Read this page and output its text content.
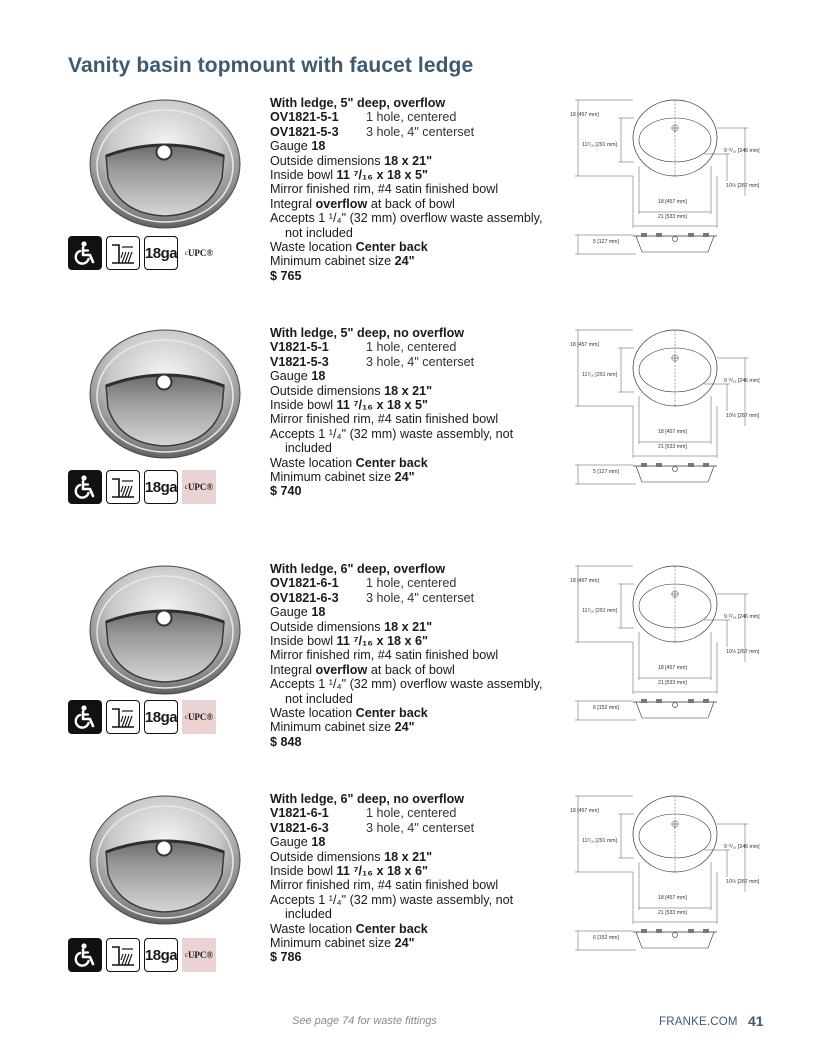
Vanity basin topmount with faucet ledge
18ga c UPC®
With ledge, 5" deep, overflow
OV1821-5-1	1 hole, centered
OV1821-5-3	3 hole, 4" centerset
Gauge 18
Outside dimensions 18 x 21"
Inside bowl 11 ⁷/₁₆ x 18 x 5"
Mirror finished rim, #4 satin finished bowl
Integral overflow at back of bowl
Accepts 1 ¹/₄" (32 mm) overflow waste assembly,
not included
Waste location Center back
Minimum cabinet size 24"
$ 765
18 [457 mm]
11⁷⁄₁₆ [291 mm]
9 ¹¹⁄₁₆ [246 mm]
10½ [267 mm]
18 [457 mm]
21 [533 mm]
5 [127 mm]
18ga c UPC®
With ledge, 5" deep, no overflow
V1821-5-1	1 hole, centered
V1821-5-3	3 hole, 4" centerset
Gauge 18
Outside dimensions 18 x 21"
Inside bowl 11 ⁷/₁₆ x 18 x 5"
Mirror finished rim, #4 satin finished bowl
Accepts 1 ¹/₄" (32 mm) waste assembly, not
included
Waste location Center back
Minimum cabinet size 24"
$ 740
18 [457 mm]
11⁷⁄₁₆ [291 mm]
9 ¹¹⁄₁₆ [246 mm]
10½ [267 mm]
18 [457 mm]
21 [533 mm]
5 [127 mm]
18ga c UPC®
With ledge, 6" deep, overflow
OV1821-6-1	1 hole, centered
OV1821-6-3	3 hole, 4" centerset
Gauge 18
Outside dimensions 18 x 21"
Inside bowl 11 ⁷/₁₆ x 18 x 6"
Mirror finished rim, #4 satin finished bowl
Integral overflow at back of bowl
Accepts 1 ¹/₄" (32 mm) overflow waste assembly,
not included
Waste location Center back
Minimum cabinet size 24"
$ 848
18 [457 mm]
11⁷⁄₁₆ [291 mm]
9 ¹¹⁄₁₆ [246 mm]
10½ [267 mm]
18 [457 mm]
21 [533 mm]
6 [152 mm]
18ga c UPC®
With ledge, 6" deep, no overflow
V1821-6-1	1 hole, centered
V1821-6-3	3 hole, 4" centerset
Gauge 18
Outside dimensions 18 x 21"
Inside bowl 11 ⁷/₁₆ x 18 x 6"
Mirror finished rim, #4 satin finished bowl
Accepts 1 ¹/₄" (32 mm) waste assembly, not
included
Waste location Center back
Minimum cabinet size 24"
$ 786
18 [457 mm]
11⁷⁄₁₆ [291 mm]
9 ¹¹⁄₁₆ [246 mm]
10½ [267 mm]
18 [457 mm]
21 [533 mm]
6 [152 mm]
See page 74 for waste fittings	FRANKE.COM 41
